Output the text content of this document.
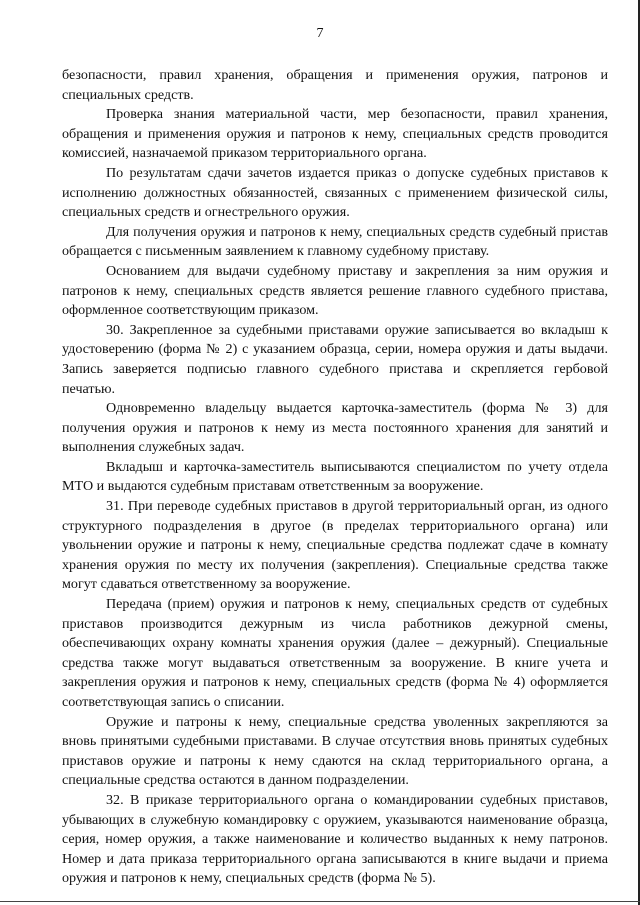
7

безопасности, правил хранения, обращения и применения оружия, патронов и специальных средств.

Проверка знания материальной части, мер безопасности, правил хранения, обращения и применения оружия и патронов к нему, специальных средств проводится комиссией, назначаемой приказом территориального органа.

По результатам сдачи зачетов издается приказ о допуске судебных приставов к исполнению должностных обязанностей, связанных с применением физической силы, специальных средств и огнестрельного оружия.

Для получения оружия и патронов к нему, специальных средств судебный пристав обращается с письменным заявлением к главному судебному приставу.

Основанием для выдачи судебному приставу и закрепления за ним оружия и патронов к нему, специальных средств является решение главного судебного пристава, оформленное соответствующим приказом.

30. Закрепленное за судебными приставами оружие записывается во вкладыш к удостоверению (форма № 2) с указанием образца, серии, номера оружия и даты выдачи. Запись заверяется подписью главного судебного пристава и скрепляется гербовой печатью.

Одновременно владельцу выдается карточка-заместитель (форма № 3) для получения оружия и патронов к нему из места постоянного хранения для занятий и выполнения служебных задач.

Вкладыш и карточка-заместитель выписываются специалистом по учету отдела МТО и выдаются судебным приставам ответственным за вооружение.

31. При переводе судебных приставов в другой территориальный орган, из одного структурного подразделения в другое (в пределах территориального органа) или увольнении оружие и патроны к нему, специальные средства подлежат сдаче в комнату хранения оружия по месту их получения (закрепления). Специальные средства также могут сдаваться ответственному за вооружение.

Передача (прием) оружия и патронов к нему, специальных средств от судебных приставов производится дежурным из числа работников дежурной смены, обеспечивающих охрану комнаты хранения оружия (далее – дежурный). Специальные средства также могут выдаваться ответственным за вооружение. В книге учета и закрепления оружия и патронов к нему, специальных средств (форма № 4) оформляется соответствующая запись о списании.

Оружие и патроны к нему, специальные средства уволенных закрепляются за вновь принятыми судебными приставами. В случае отсутствия вновь принятых судебных приставов оружие и патроны к нему сдаются на склад территориального органа, а специальные средства остаются в данном подразделении.

32. В приказе территориального органа о командировании судебных приставов, убывающих в служебную командировку с оружием, указываются наименование образца, серия, номер оружия, а также наименование и количество выданных к нему патронов. Номер и дата приказа территориального органа записываются в книге выдачи и приема оружия и патронов к нему, специальных средств (форма № 5).
